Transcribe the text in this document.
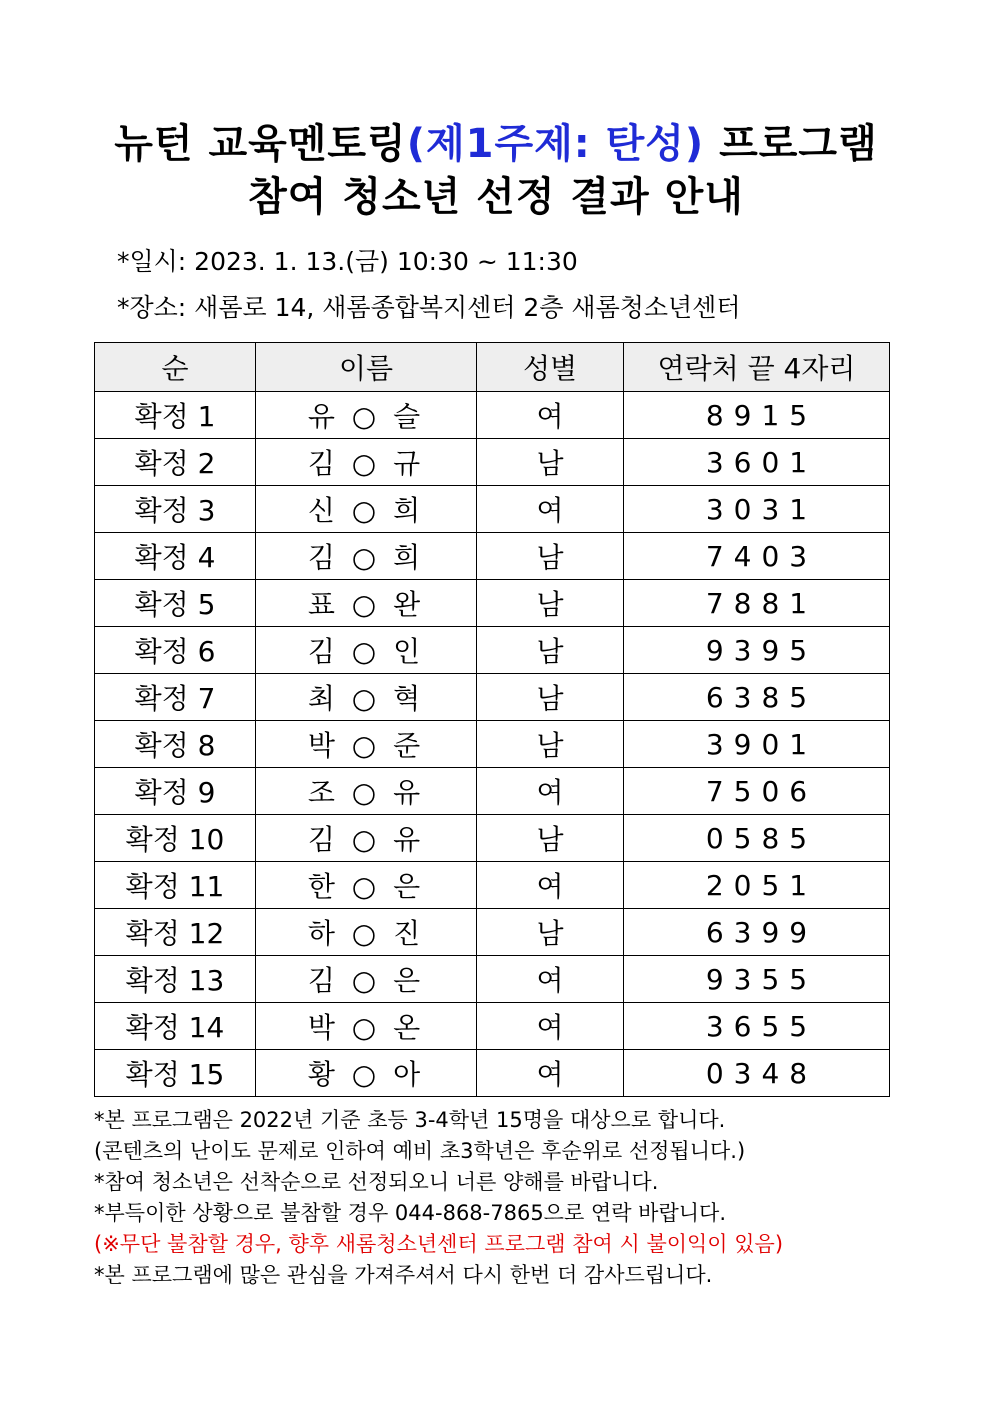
뉴턴 교육멘토링(제1주제: 탄성) 프로그램
참여 청소년 선정 결과 안내
*일시: 2023. 1. 13.(금) 10:30 ~ 11:30
*장소: 새롬로 14, 새롬종합복지센터 2층 새롬청소년센터
순	이름	성별	연락처 끝 4자리
확정 1	유 ○ 슬	여	8915
확정 2	김 ○ 규	남	3601
확정 3	신 ○ 희	여	3031
확정 4	김 ○ 희	남	7403
확정 5	표 ○ 완	남	7881
확정 6	김 ○ 인	남	9395
확정 7	최 ○ 혁	남	6385
확정 8	박 ○ 준	남	3901
확정 9	조 ○ 유	여	7506
확정 10	김 ○ 유	남	0585
확정 11	한 ○ 은	여	2051
확정 12	하 ○ 진	남	6399
확정 13	김 ○ 은	여	9355
확정 14	박 ○ 온	여	3655
확정 15	황 ○ 아	여	0348
*본 프로그램은 2022년 기준 초등 3-4학년 15명을 대상으로 합니다.
(콘텐츠의 난이도 문제로 인하여 예비 초3학년은 후순위로 선정됩니다.)
*참여 청소년은 선착순으로 선정되오니 너른 양해를 바랍니다.
*부득이한 상황으로 불참할 경우 044-868-7865으로 연락 바랍니다.
(※무단 불참할 경우, 향후 새롬청소년센터 프로그램 참여 시 불이익이 있음)
*본 프로그램에 많은 관심을 가져주셔서 다시 한번 더 감사드립니다.
